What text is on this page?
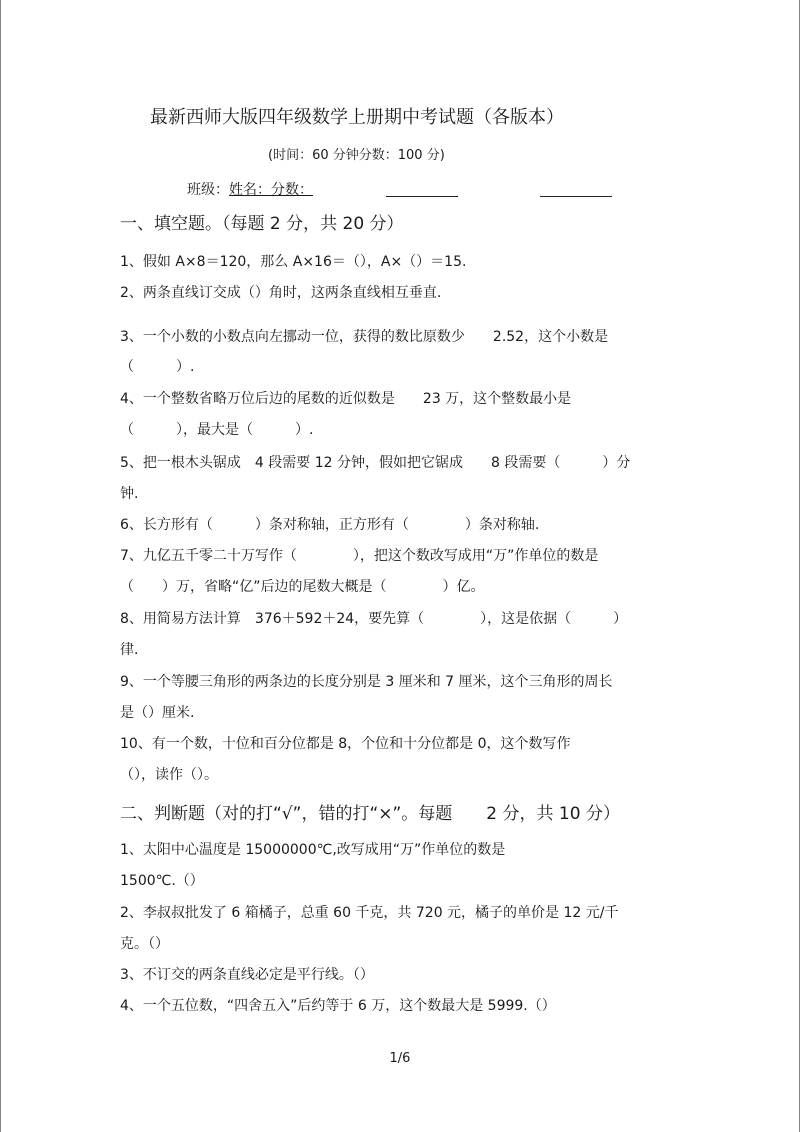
最新西师大版四年级数学上册期中考试题（各版本）
(时间：60 分钟分数：100 分)
班级：姓名：分数：
一、填空题。（每题 2 分，共 20 分）
1、假如 A×8＝120，那么 A×16＝（），A×（）＝15.
2、两条直线订交成（）角时，这两条直线相互垂直.
3、一个小数的小数点向左挪动一位，获得的数比原数少　　2.52，这个小数是
（　　　）.
4、一个整数省略万位后边的尾数的近似数是　　23 万，这个整数最小是
（　　　），最大是（　　　）.
5、把一根木头锯成　4 段需要 12 分钟，假如把它锯成　　8 段需要（　　　）分
钟.
6、长方形有（　　　）条对称轴，正方形有（　　　　）条对称轴.
7、九亿五千零二十万写作（　　　　），把这个数改写成用“万”作单位的数是
（　　）万，省略“亿”后边的尾数大概是（　　　　）亿。
8、用简易方法计算　376＋592＋24，要先算（　　　　），这是依据（　　　）
律.
9、一个等腰三角形的两条边的长度分别是 3 厘米和 7 厘米，这个三角形的周长
是（）厘米.
10、有一个数，十位和百分位都是 8，个位和十分位都是 0，这个数写作
（），读作（）。
二、判断题（对的打“√”，错的打“×”。每题　　2 分，共 10 分）
1、太阳中心温度是 15000000℃,改写成用“万”作单位的数是
1500℃.（）
2、李叔叔批发了 6 箱橘子，总重 60 千克，共 720 元，橘子的单价是 12 元/千
克。（）
3、不订交的两条直线必定是平行线。（）
4、一个五位数，“四舍五入”后约等于 6 万，这个数最大是 5999.（）
1/6
